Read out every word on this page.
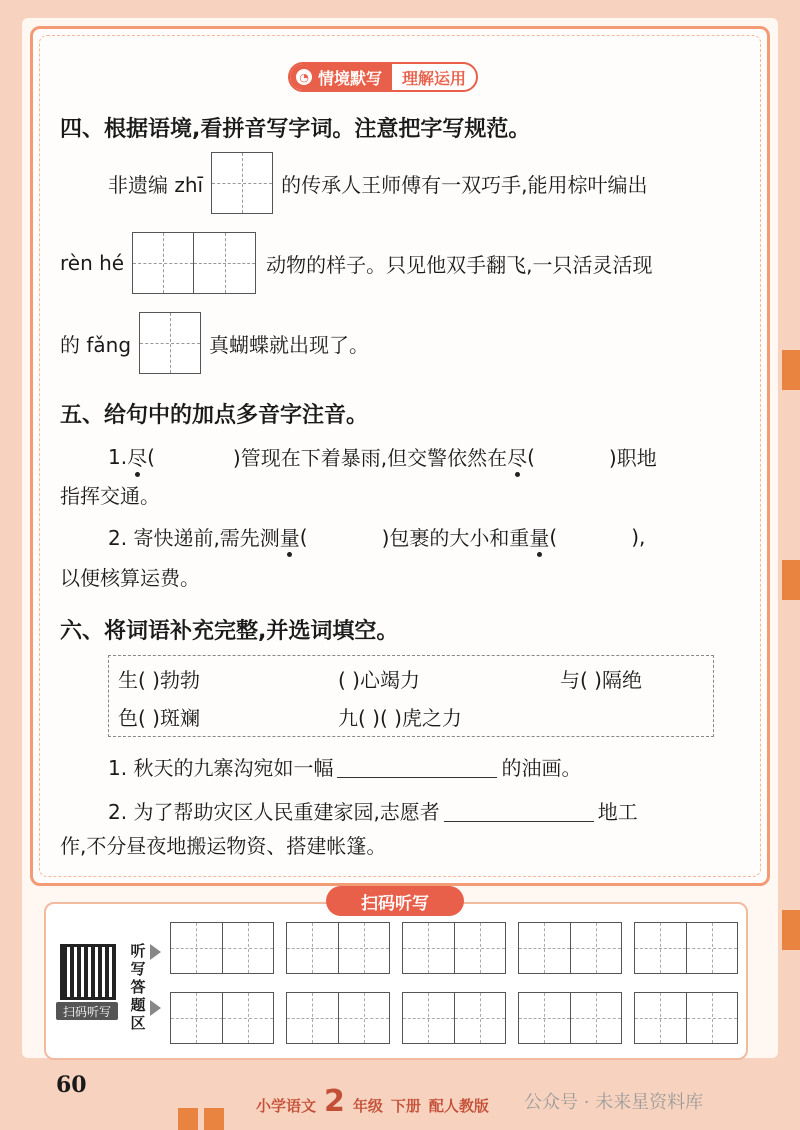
◔ 情境默写	理解运用
四、根据语境,看拼音写字词。注意把字写规范。
非遗编 zhī	的传承人王师傅有一双巧手,能用棕叶编出
rèn hé	动物的样子。只见他双手翻飞,一只活灵活现
的 fǎng	真蝴蝶就出现了。
五、给句中的加点多音字注音。
1. 尽 (	)管现在下着暴雨,但交警依然在 尽 (	)职地
指挥交通。
2. 寄快递前,需先测 量 (	)包裹的大小和重 量 (	),
以便核算运费。
六、将词语补充完整,并选词填空。
生( )勃勃	( )心竭力	与( )隔绝
色( )斑斓	九( )( )虎之力
1. 秋天的九寨沟宛如一幅	的油画。
2. 为了帮助灾区人民重建家园,志愿者	地工
作,不分昼夜地搬运物资、搭建帐篷。
扫码听写
扫码听写
听写答题区
60
小学语文 2 年级 下册 配人教版 公众号 · 未来星资料库
